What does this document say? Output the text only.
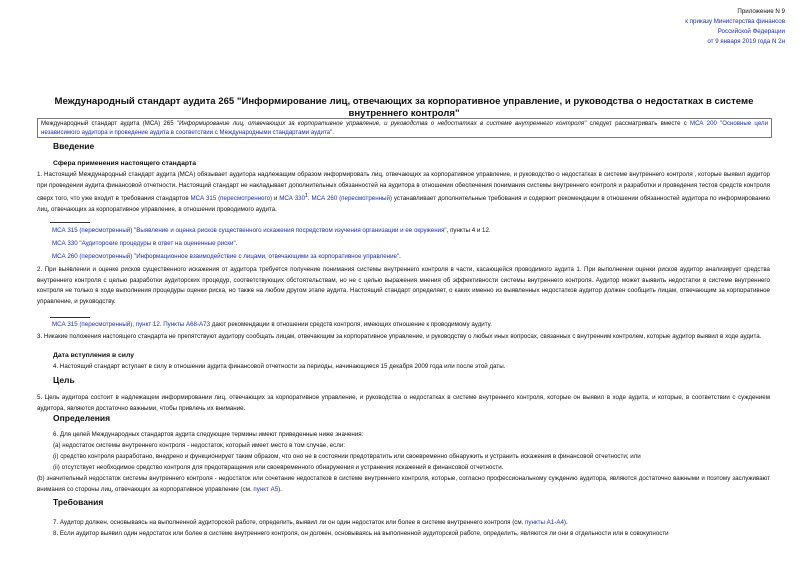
Приложение N 9
к приказу Министерства финансов
Российской Федерации
от 9 января 2019 года N 2н
Международный стандарт аудита 265 "Информирование лиц, отвечающих за корпоративное управление, и руководства о недостатках в системе внутреннего контроля"
Международный стандарт аудита (МСА) 265 "Информирование лиц, отвечающих за корпоративное управление, и руководства о недостатках в системе внутреннего контроля" следует рассматривать вместе с МСА 200 "Основные цели независимого аудитора и проведение аудита в соответствии с Международными стандартами аудита".
Введение
Сфера применения настоящего стандарта
1. Настоящий Международный стандарт аудита (МСА) обязывает аудитора надлежащим образом информировать лиц, отвечающих за корпоративное управление, и руководство о недостатках в системе внутреннего контроля , которые выявил аудитор при проведении аудита финансовой отчетности. Настоящий стандарт не накладывает дополнительных обязанностей на аудитора в отношении обеспечения понимания системы внутреннего контроля и разработки и проведения тестов средств контроля сверх того, что уже входит в требования стандартов МСА 315 (пересмотренного) и МСА $330^1$. МСА 260 (пересмотренный) устанавливает дополнительные требования и содержит рекомендации в отношении обязанностей аудитора по информированию лиц, отвечающих за корпоративное управление, в отношении проводимого аудита.
МСА 315 (пересмотренный) "Выявление и оценка рисков существенного искажения посредством изучения организации и ее окружения", пункты 4 и 12.
МСА 330 "Аудиторские процедуры в ответ на оцененные риски".
МСА 260 (пересмотренный) "Информационное взаимодействие с лицами, отвечающими за корпоративное управление".
2. При выявлении и оценке рисков существенного искажения от аудитора требуется получение понимания системы внутреннего контроля в части, касающейся проводимого аудита 1. При выполнении оценки рисков аудитор анализирует средства внутреннего контроля с целью разработки аудиторских процедур, соответствующих обстоятельствам, но не с целью выражения мнения об эффективности системы внутреннего контроля. Аудитор может выявить недостатки в системе внутреннего контроля не только в ходе выполнения процедуры оценки риска, но также на любом другом этапе аудита. Настоящий стандарт определяет, о каких именно из выявленных недостатков аудитор должен сообщить лицам, отвечающим за корпоративное управление, и руководству.
МСА 315 (пересмотренный), пункт 12. Пункты А68-А73 дают рекомендации в отношении средств контроля, имеющих отношение к проводимому аудиту.
3. Никакие положения настоящего стандарта не препятствуют аудитору сообщать лицам, отвечающим за корпоративное управление, и руководству о любых иных вопросах, связанных с внутренним контролем, которые аудитор выявил в ходе аудита.
Дата вступления в силу
4. Настоящий стандарт вступает в силу в отношении аудита финансовой отчетности за периоды, начинающиеся 15 декабря 2009 года или после этой даты.
Цель
5. Цель аудитора состоит в надлежащем информировании лиц, отвечающих за корпоративное управление, и руководства о недостатках в системе внутреннего контроля, которые он выявил в ходе аудита, и которые, в соответствии с суждением аудитора, являются достаточно важными, чтобы привлечь их внимание.
Определения
6. Для целей Международных стандартов аудита следующие термины имеют приведенные ниже значения:
(a) недостаток системы внутреннего контроля - недостаток, который имеет место в том случае, если:
(i) средство контроля разработано, внедрено и функционирует таким образом, что оно не в состоянии предотвратить или своевременно обнаружить и устранить искажения в финансовой отчетности; или
(ii) отсутствует необходимое средство контроля для предотвращения или своевременного обнаружения и устранения искажений в финансовой отчетности.
(b) значительный недостаток системы внутреннего контроля - недостаток или сочетание недостатков в системе внутреннего контроля, которые, согласно профессиональному суждению аудитора, являются достаточно важными и поэтому заслуживают внимания со стороны лиц, отвечающих за корпоративное управление (см. пункт А5).
Требования
7. Аудитор должен, основываясь на выполненной аудиторской работе, определить, выявил ли он один недостаток или более в системе внутреннего контроля (см. пункты А1-А4).
8. Если аудитор выявил один недостаток или более в системе внутреннего контроля, он должен, основываясь на выполненной аудиторской работе, определить, являются ли они в отдельности или в совокупности
